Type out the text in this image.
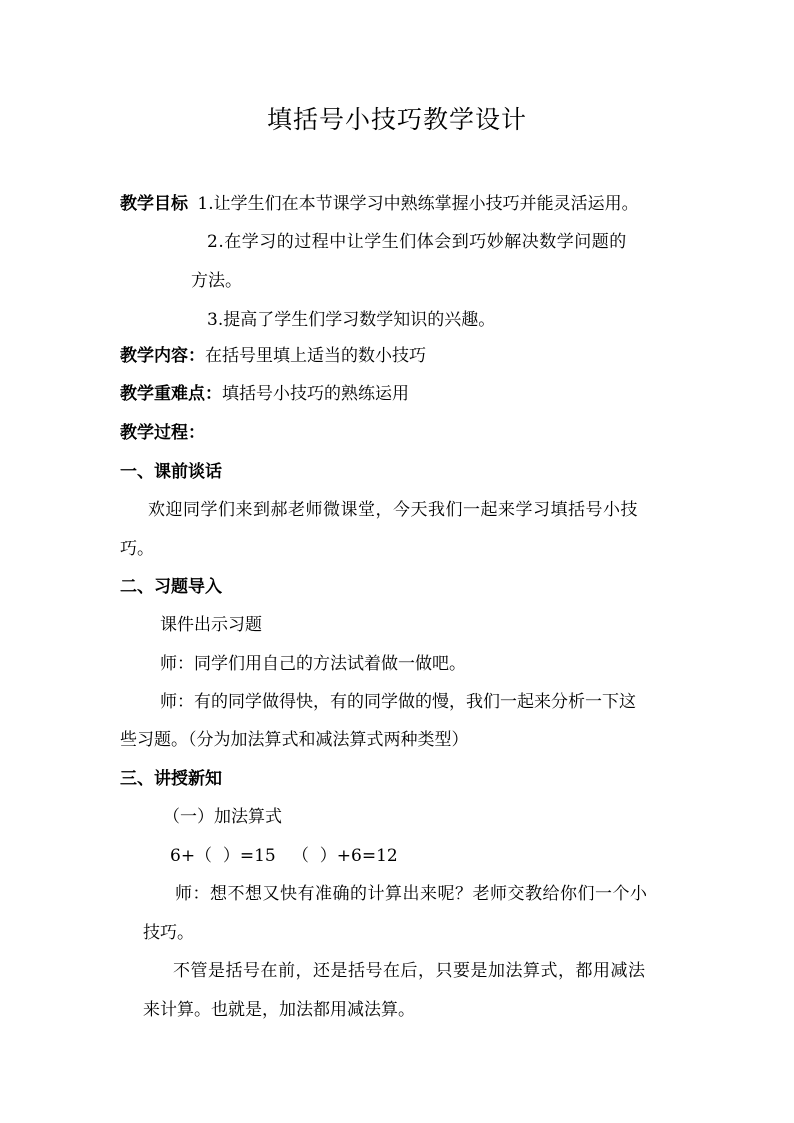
填括号小技巧教学设计
教学目标 1.让学生们在本节课学习中熟练掌握小技巧并能灵活运用。
2.在学习的过程中让学生们体会到巧妙解决数学问题的
方法。
3.提高了学生们学习数学知识的兴趣。
教学内容：在括号里填上适当的数小技巧
教学重难点：填括号小技巧的熟练运用
教学过程：
一、课前谈话
欢迎同学们来到郝老师微课堂，今天我们一起来学习填括号小技
巧。
二、习题导入
课件出示习题
师：同学们用自己的方法试着做一做吧。
师：有的同学做得快，有的同学做的慢，我们一起来分析一下这
些习题。（分为加法算式和减法算式两种类型）
三、讲授新知
（一）加法算式
6+（  ）=15   （  ）+6=12
师：想不想又快有准确的计算出来呢？老师交教给你们一个小
技巧。
不管是括号在前，还是括号在后，只要是加法算式，都用减法
来计算。也就是，加法都用减法算。
